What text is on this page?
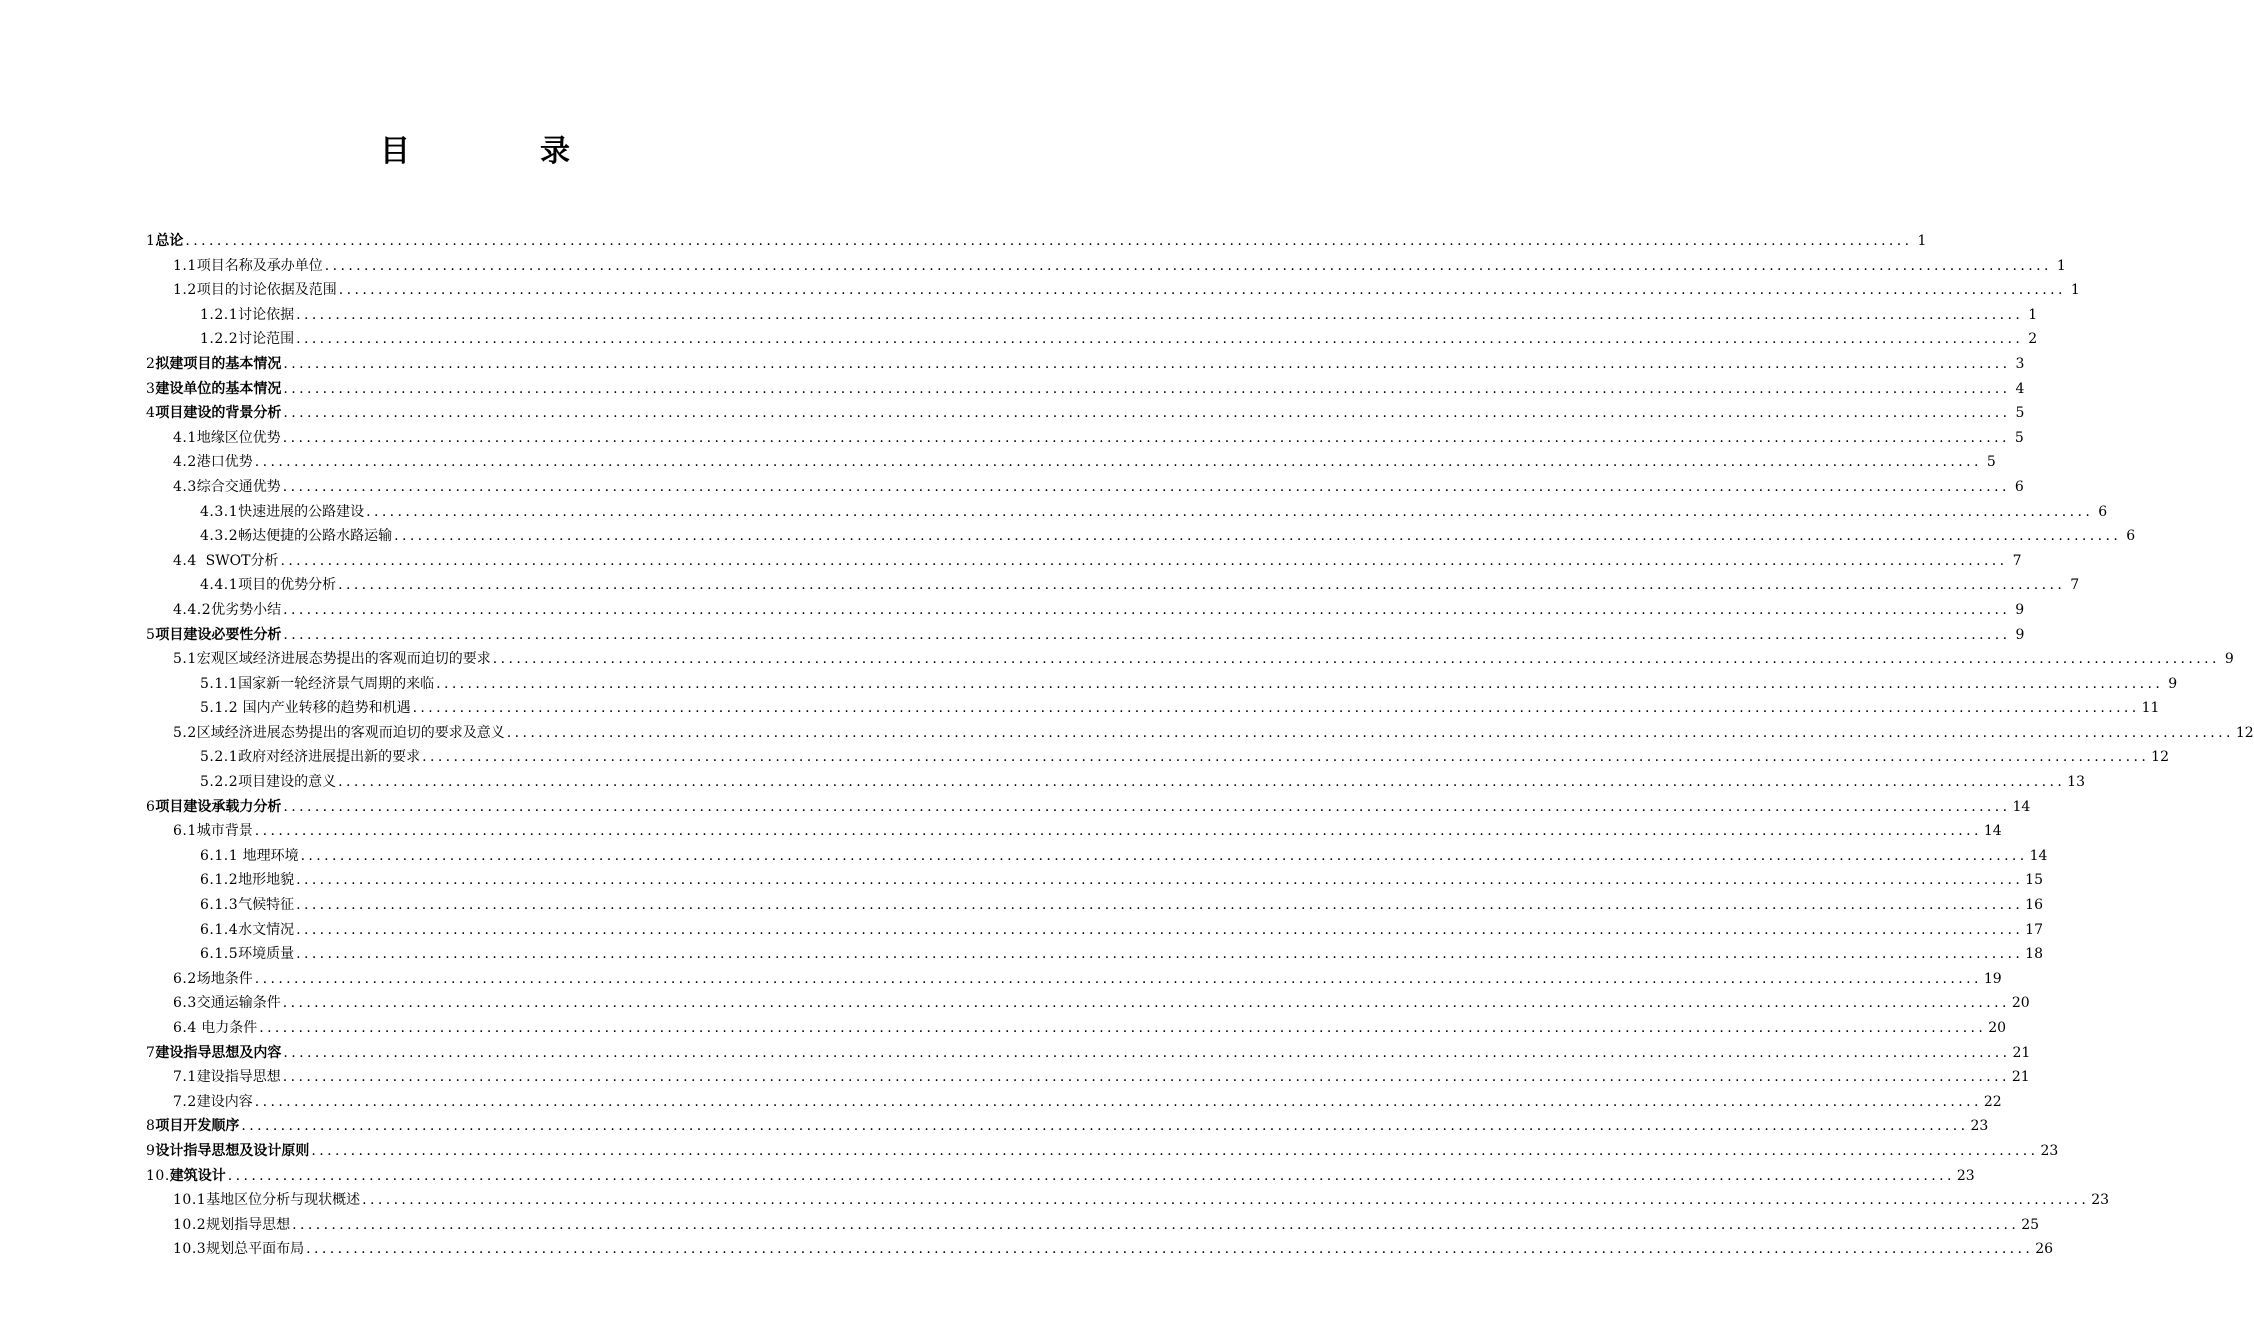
目　录
1 总论 ............................................................................................................................................................................................................................ 1
1.1 项目名称及承办单位 ............................................................................................................................................................................................................................ 1
1.2 项目的讨论依据及范围 ............................................................................................................................................................................................................................ 1
1.2.1 讨论依据 ............................................................................................................................................................................................................................ 1
1.2.2 讨论范围 ............................................................................................................................................................................................................................ 2
2 拟建项目的基本情况 ............................................................................................................................................................................................................................ 3
3 建设单位的基本情况 ............................................................................................................................................................................................................................ 4
4 项目建设的背景分析 ............................................................................................................................................................................................................................ 5
4.1 地缘区位优势 ............................................................................................................................................................................................................................ 5
4.2 港口优势 ............................................................................................................................................................................................................................ 5
4.3 综合交通优势 ............................................................................................................................................................................................................................ 6
4.3.1 快速进展的公路建设 ............................................................................................................................................................................................................................ 6
4.3.2 畅达便捷的公路水路运输 ............................................................................................................................................................................................................................ 6
4.4 SWOT分析 ............................................................................................................................................................................................................................ 7
4.4.1 项目的优势分析 ............................................................................................................................................................................................................................ 7
4.4.2 优劣势小结 ............................................................................................................................................................................................................................ 9
5 项目建设必要性分析 ............................................................................................................................................................................................................................ 9
5.1 宏观区域经济进展态势提出的客观而迫切的要求 ............................................................................................................................................................................................................................ 9
5.1.1 国家新一轮经济景气周期的来临 ............................................................................................................................................................................................................................ 9
5.1.2 国内产业转移的趋势和机遇 ............................................................................................................................................................................................................................ 11
5.2 区域经济进展态势提出的客观而迫切的要求及意义 ............................................................................................................................................................................................................................ 12
5.2.1 政府对经济进展提出新的要求 ............................................................................................................................................................................................................................ 12
5.2.2 项目建设的意义 ............................................................................................................................................................................................................................ 13
6 项目建设承载力分析 ............................................................................................................................................................................................................................ 14
6.1 城市背景 ............................................................................................................................................................................................................................ 14
6.1.1 地理环境 ............................................................................................................................................................................................................................ 14
6.1.2 地形地貌 ............................................................................................................................................................................................................................ 15
6.1.3 气候特征 ............................................................................................................................................................................................................................ 16
6.1.4 水文情况 ............................................................................................................................................................................................................................ 17
6.1.5 环境质量 ............................................................................................................................................................................................................................ 18
6.2 场地条件 ............................................................................................................................................................................................................................ 19
6.3 交通运输条件 ............................................................................................................................................................................................................................ 20
6.4 电力条件 ............................................................................................................................................................................................................................ 20
7 建设指导思想及内容 ............................................................................................................................................................................................................................ 21
7.1 建设指导思想 ............................................................................................................................................................................................................................ 21
7.2 建设内容 ............................................................................................................................................................................................................................ 22
8 项目开发顺序 ............................................................................................................................................................................................................................ 23
9 设计指导思想及设计原则 ............................................................................................................................................................................................................................ 23
10. 建筑设计 ............................................................................................................................................................................................................................ 23
10.1 基地区位分析与现状概述 ............................................................................................................................................................................................................................ 23
10.2 规划指导思想 ............................................................................................................................................................................................................................ 25
10.3 规划总平面布局 ............................................................................................................................................................................................................................ 26
